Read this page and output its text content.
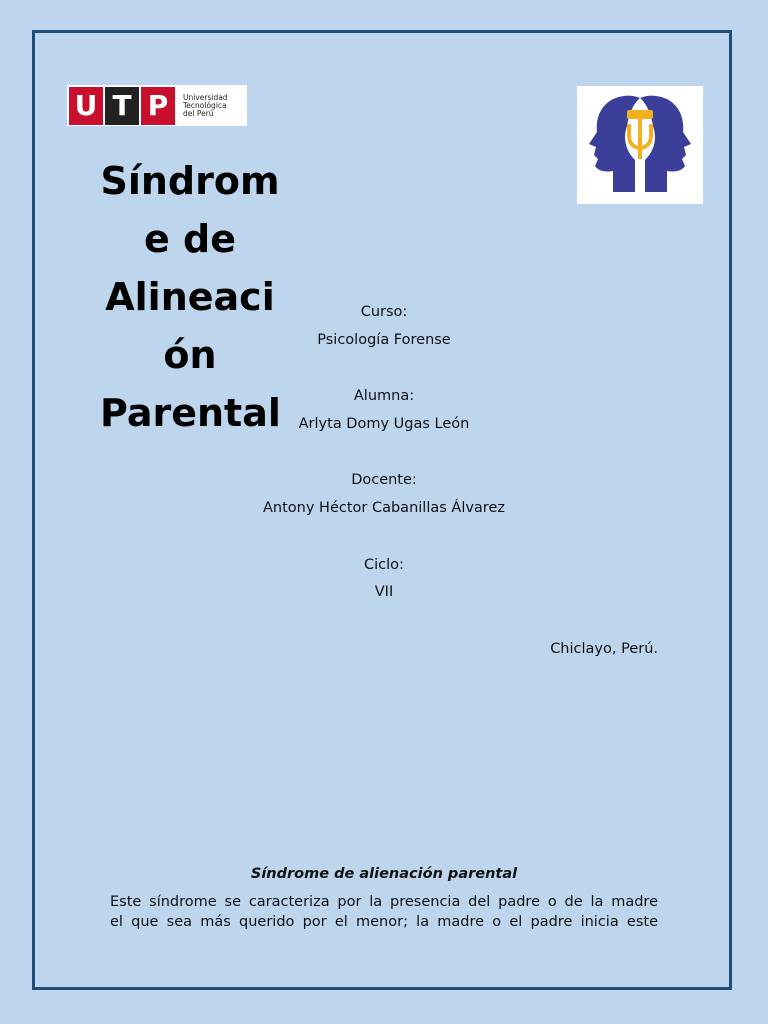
U T P	Universidad
Tecnológica
del Perú
Síndrom
e de
Alineaci
ón
Parental
Curso:
Psicología Forense
Alumna:
Arlyta Domy Ugas León
Docente:
Antony Héctor Cabanillas Álvarez
Ciclo:
VII
Chiclayo, Perú.
Síndrome de alienación parental
Este síndrome se caracteriza por la presencia del padre o de la madre
el que sea más querido por el menor; la madre o el padre inicia este
